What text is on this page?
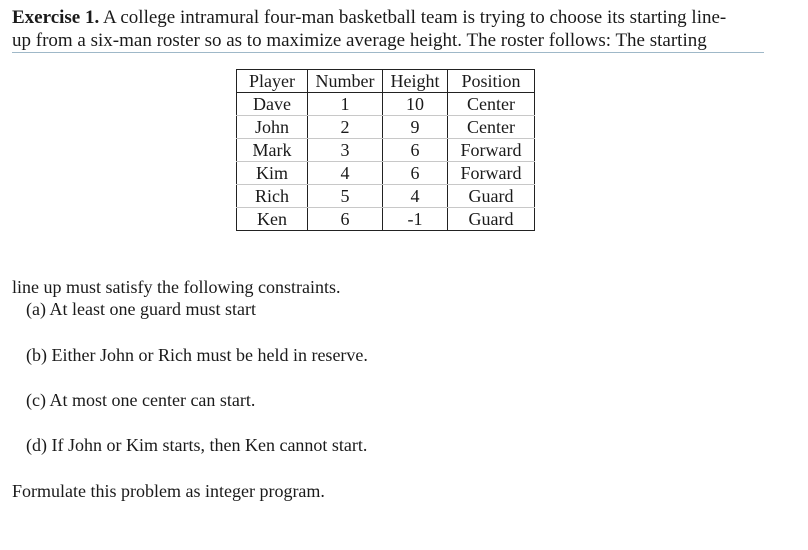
Exercise 1. A college intramural four-man basketball team is trying to choose its starting line-
up from a six-man roster so as to maximize average height. The roster follows: The starting
Player	Number	Height	Position
Dave	1	10	Center
John	2	9	Center
Mark	3	6	Forward
Kim	4	6	Forward
Rich	5	4	Guard
Ken	6	-1	Guard
line up must satisfy the following constraints.
(a) At least one guard must start
(b) Either John or Rich must be held in reserve.
(c) At most one center can start.
(d) If John or Kim starts, then Ken cannot start.
Formulate this problem as integer program.
